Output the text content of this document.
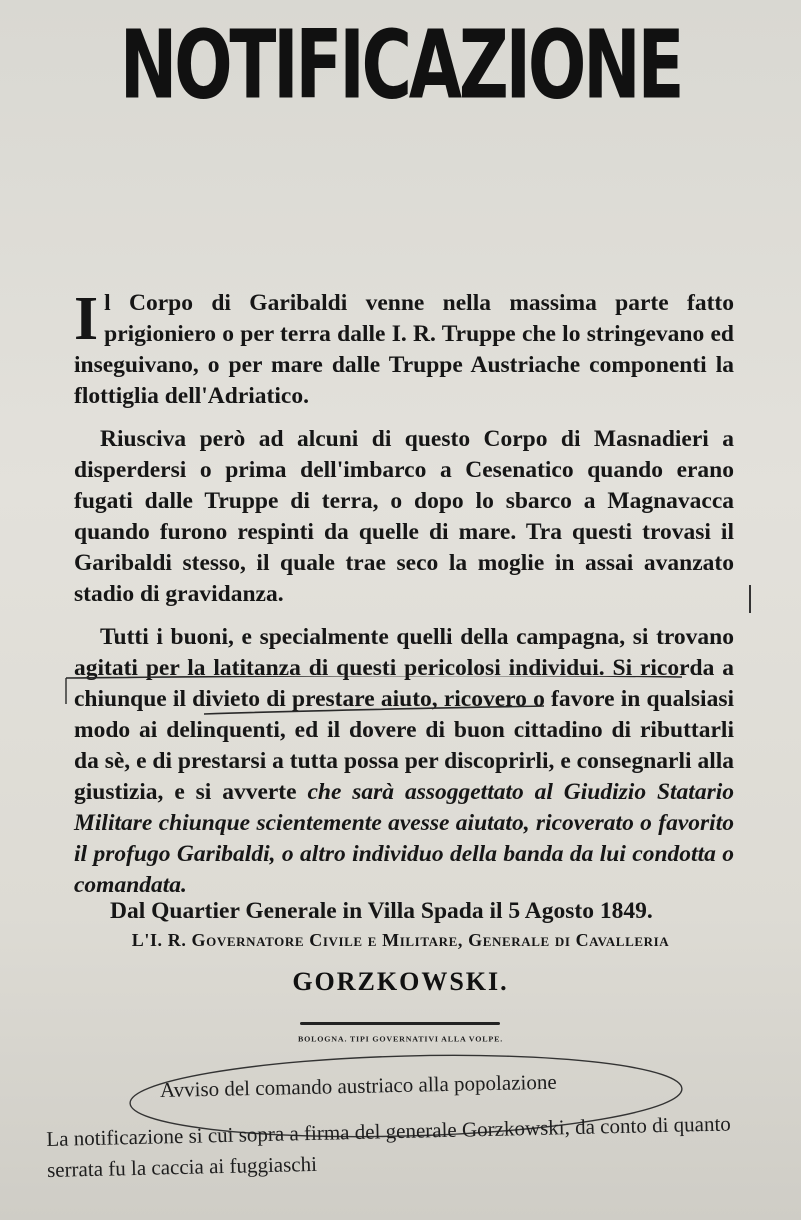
NOTIFICAZIONE

Il Corpo di Garibaldi venne nella massima parte fatto prigioniero o per terra dalle I. R. Truppe che lo stringevano ed inseguivano, o per mare dalle Truppe Austriache componenti la flottiglia dell'Adriatico.

Riusciva però ad alcuni di questo Corpo di Masnadieri a disperdersi o prima dell'imbarco a Cesenatico quando erano fugati dalle Truppe di terra, o dopo lo sbarco a Magnavacca quando furono respinti da quelle di mare. Tra questi trovasi il Garibaldi stesso, il quale trae seco la moglie in assai avanzato stadio di gravidanza.

Tutti i buoni, e specialmente quelli della campagna, si trovano agitati per la latitanza di questi pericolosi individui. Si ricorda a chiunque il divieto di prestare aiuto, ricovero o favore in qualsiasi modo ai delinquenti, ed il dovere di buon cittadino di ributtarli da sè, e di prestarsi a tutta possa per discoprirli, e consegnarli alla giustizia, e si avverte che sarà assoggettato al Giudizio Statario Militare chiunque scientemente avesse aiutato, ricoverato o favorito il profugo Garibaldi, o altro individuo della banda da lui condotta o comandata.

Dal Quartier Generale in Villa Spada il 5 Agosto 1849.
L'I. R. Governatore Civile e Militare, Generale di Cavalleria
GORZKOWSKI.
BOLOGNA. TIPI GOVERNATIVI ALLA VOLPE.
Avviso del comando austriaco alla popolazione
La notificazione si cui sopra a firma del generale Gorzkowski, da conto di quanto serrata fu la caccia ai fuggiaschi
